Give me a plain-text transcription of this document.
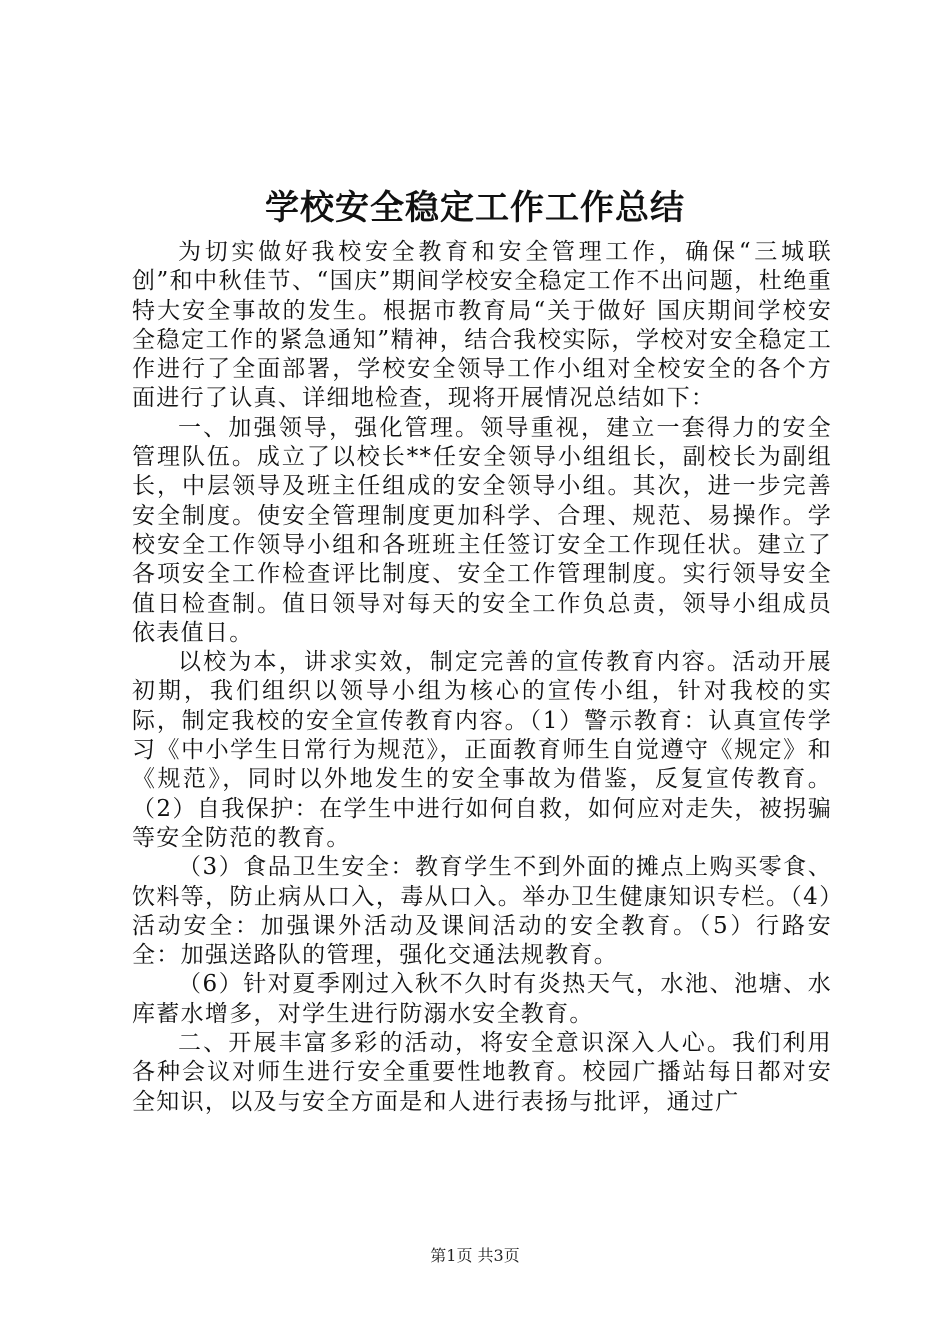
学校安全稳定工作工作总结

为切实做好我校安全教育和安全管理工作，确保“三城联创”和中秋佳节、“国庆”期间学校安全稳定工作不出问题，杜绝重特大安全事故的发生。根据市教育局“关于做好 国庆期间学校安全稳定工作的紧急通知”精神，结合我校实际，学校对安全稳定工作进行了全面部署，学校安全领导工作小组对全校安全的各个方面进行了认真、详细地检查，现将开展情况总结如下：

一、加强领导，强化管理。领导重视，建立一套得力的安全管理队伍。成立了以校长**任安全领导小组组长，副校长为副组长，中层领导及班主任组成的安全领导小组。其次，进一步完善安全制度。使安全管理制度更加科学、合理、规范、易操作。学校安全工作领导小组和各班班主任签订安全工作现任状。建立了各项安全工作检查评比制度、安全工作管理制度。实行领导安全值日检查制。值日领导对每天的安全工作负总责，领导小组成员依表值日。

以校为本，讲求实效，制定完善的宣传教育内容。活动开展初期，我们组织以领导小组为核心的宣传小组，针对我校的实际，制定我校的安全宣传教育内容。（1）警示教育：认真宣传学习《中小学生日常行为规范》，正面教育师生自觉遵守《规定》和《规范》，同时以外地发生的安全事故为借鉴，反复宣传教育。（2）自我保护：在学生中进行如何自救，如何应对走失，被拐骗等安全防范的教育。

（3）食品卫生安全：教育学生不到外面的摊点上购买零食、饮料等，防止病从口入，毒从口入。举办卫生健康知识专栏。（4）活动安全：加强课外活动及课间活动的安全教育。（5）行路安全：加强送路队的管理，强化交通法规教育。

（6）针对夏季刚过入秋不久时有炎热天气，水池、池塘、水库蓄水增多，对学生进行防溺水安全教育。

二、开展丰富多彩的活动，将安全意识深入人心。我们利用各种会议对师生进行安全重要性地教育。校园广播站每日都对安全知识，以及与安全方面是和人进行表扬与批评，通过广

第1页 共3页
